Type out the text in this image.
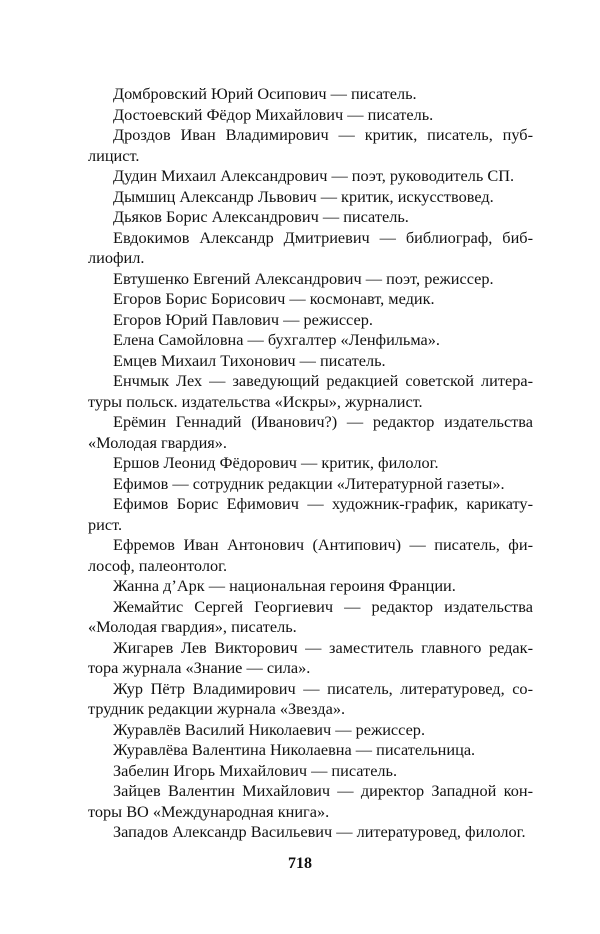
Домбровский Юрий Осипович — писатель.
Достоевский Фёдор Михайлович — писатель.
Дроздов Иван Владимирович — критик, писатель, пуб-
лицист.
Дудин Михаил Александрович — поэт, руководитель СП.
Дымшиц Александр Львович — критик, искусствовед.
Дьяков Борис Александрович — писатель.
Евдокимов Александр Дмитриевич — библиограф, биб-
лиофил.
Евтушенко Евгений Александрович — поэт, режиссер.
Егоров Борис Борисович — космонавт, медик.
Егоров Юрий Павлович — режиссер.
Елена Самойловна — бухгалтер «Ленфильма».
Емцев Михаил Тихонович — писатель.
Енчмык Лех — заведующий редакцией советской литера-
туры польск. издательства «Искры», журналист.
Ерёмин Геннадий (Иванович?) — редактор издательства
«Молодая гвардия».
Ершов Леонид Фёдорович — критик, филолог.
Ефимов — сотрудник редакции «Литературной газеты».
Ефимов Борис Ефимович — художник-график, карикату-
рист.
Ефремов Иван Антонович (Антипович) — писатель, фи-
лософ, палеонтолог.
Жанна д’Арк — национальная героиня Франции.
Жемайтис Сергей Георгиевич — редактор издательства
«Молодая гвардия», писатель.
Жигарев Лев Викторович — заместитель главного редак-
тора журнала «Знание — сила».
Жур Пётр Владимирович — писатель, литературовед, со-
трудник редакции журнала «Звезда».
Журавлёв Василий Николаевич — режиссер.
Журавлёва Валентина Николаевна — писательница.
Забелин Игорь Михайлович — писатель.
Зайцев Валентин Михайлович — директор Западной кон-
торы ВО «Международная книга».
Западов Александр Васильевич — литературовед, филолог.
718
